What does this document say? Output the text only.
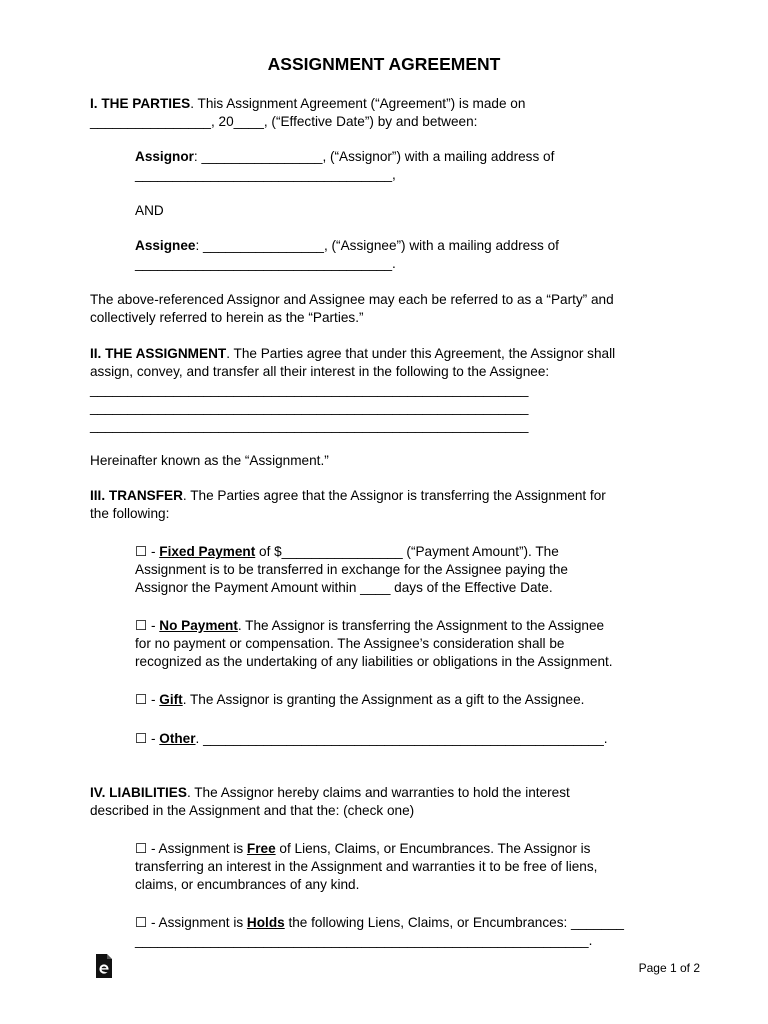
ASSIGNMENT AGREEMENT
I. THE PARTIES. This Assignment Agreement (“Agreement”) is made on
________________, 20____, (“Effective Date”) by and between:
Assignor: ________________, (“Assignor”) with a mailing address of
__________________________________,
AND
Assignee: ________________, (“Assignee”) with a mailing address of
__________________________________.
The above-referenced Assignor and Assignee may each be referred to as a “Party” and
collectively referred to herein as the “Parties.”
II. THE ASSIGNMENT. The Parties agree that under this Agreement, the Assignor shall
assign, convey, and transfer all their interest in the following to the Assignee:
__________________________________________________________
__________________________________________________________
__________________________________________________________
Hereinafter known as the “Assignment.”
III. TRANSFER. The Parties agree that the Assignor is transferring the Assignment for
the following:
☐ - Fixed Payment of $________________ (“Payment Amount”). The
Assignment is to be transferred in exchange for the Assignee paying the
Assignor the Payment Amount within ____ days of the Effective Date.
☐ - No Payment. The Assignor is transferring the Assignment to the Assignee
for no payment or compensation. The Assignee’s consideration shall be
recognized as the undertaking of any liabilities or obligations in the Assignment.
☐ - Gift. The Assignor is granting the Assignment as a gift to the Assignee.
☐ - Other. _____________________________________________________.
IV. LIABILITIES. The Assignor hereby claims and warranties to hold the interest
described in the Assignment and that the: (check one)
☐ - Assignment is Free of Liens, Claims, or Encumbrances. The Assignor is
transferring an interest in the Assignment and warranties it to be free of liens,
claims, or encumbrances of any kind.
☐ - Assignment is Holds the following Liens, Claims, or Encumbrances: _______
____________________________________________________________.
Page 1 of 2
